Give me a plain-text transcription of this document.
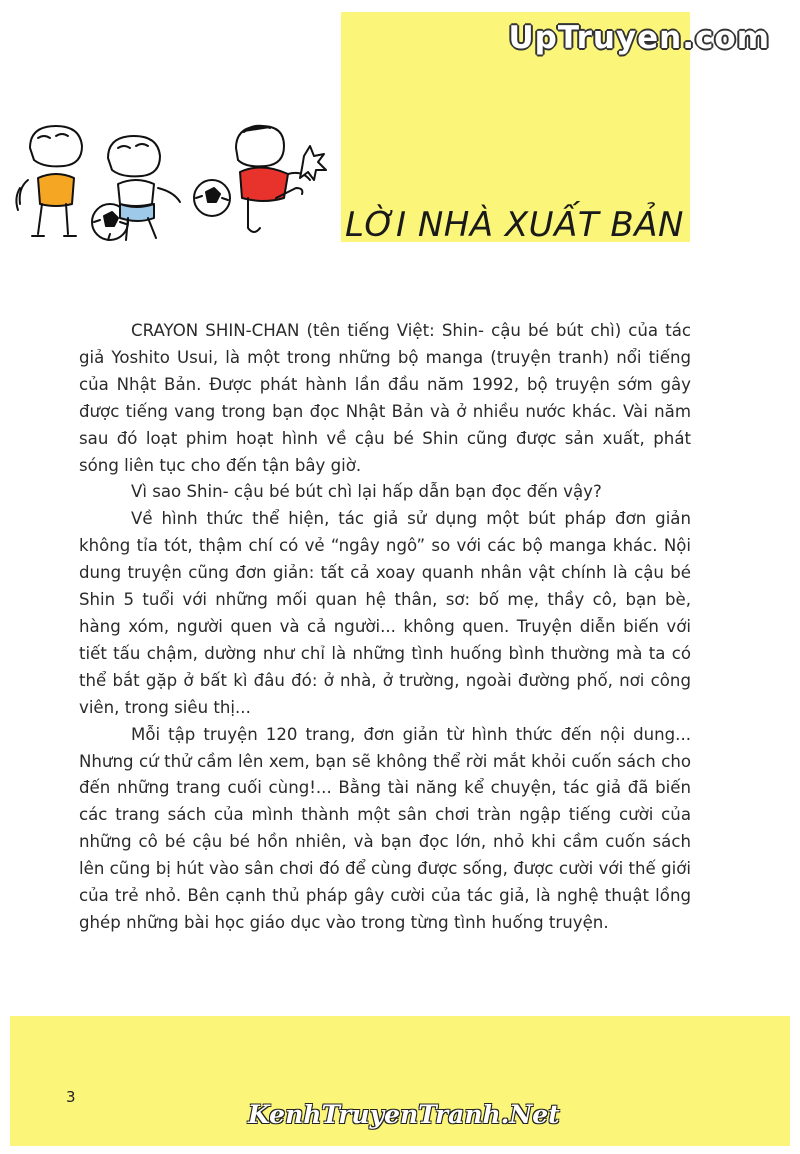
UpTruyen.com
LỜI NHÀ XUẤT BẢN

CRAYON SHIN-CHAN (tên tiếng Việt: Shin- cậu bé bút chì) của tác giả Yoshito Usui, là một trong những bộ manga (truyện tranh) nổi tiếng của Nhật Bản. Được phát hành lần đầu năm 1992, bộ truyện sớm gây được tiếng vang trong bạn đọc Nhật Bản và ở nhiều nước khác. Vài năm sau đó loạt phim hoạt hình về cậu bé Shin cũng được sản xuất, phát sóng liên tục cho đến tận bây giờ.

Vì sao Shin- cậu bé bút chì lại hấp dẫn bạn đọc đến vậy?

Về hình thức thể hiện, tác giả sử dụng một bút pháp đơn giản không tỉa tót, thậm chí có vẻ “ngây ngô” so với các bộ manga khác. Nội dung truyện cũng đơn giản: tất cả xoay quanh nhân vật chính là cậu bé Shin 5 tuổi với những mối quan hệ thân, sơ: bố mẹ, thầy cô, bạn bè, hàng xóm, người quen và cả người... không quen. Truyện diễn biến với tiết tấu chậm, dường như chỉ là những tình huống bình thường mà ta có thể bắt gặp ở bất kì đâu đó: ở nhà, ở trường, ngoài đường phố, nơi công viên, trong siêu thị...

Mỗi tập truyện 120 trang, đơn giản từ hình thức đến nội dung... Nhưng cứ thử cầm lên xem, bạn sẽ không thể rời mắt khỏi cuốn sách cho đến những trang cuối cùng!... Bằng tài năng kể chuyện, tác giả đã biến các trang sách của mình thành một sân chơi tràn ngập tiếng cười của những cô bé cậu bé hồn nhiên, và bạn đọc lớn, nhỏ khi cầm cuốn sách lên cũng bị hút vào sân chơi đó để cùng được sống, được cười với thế giới của trẻ nhỏ. Bên cạnh thủ pháp gây cười của tác giả, là nghệ thuật lồng ghép những bài học giáo dục vào trong từng tình huống truyện.

3
KenhTruyenTranh.Net
